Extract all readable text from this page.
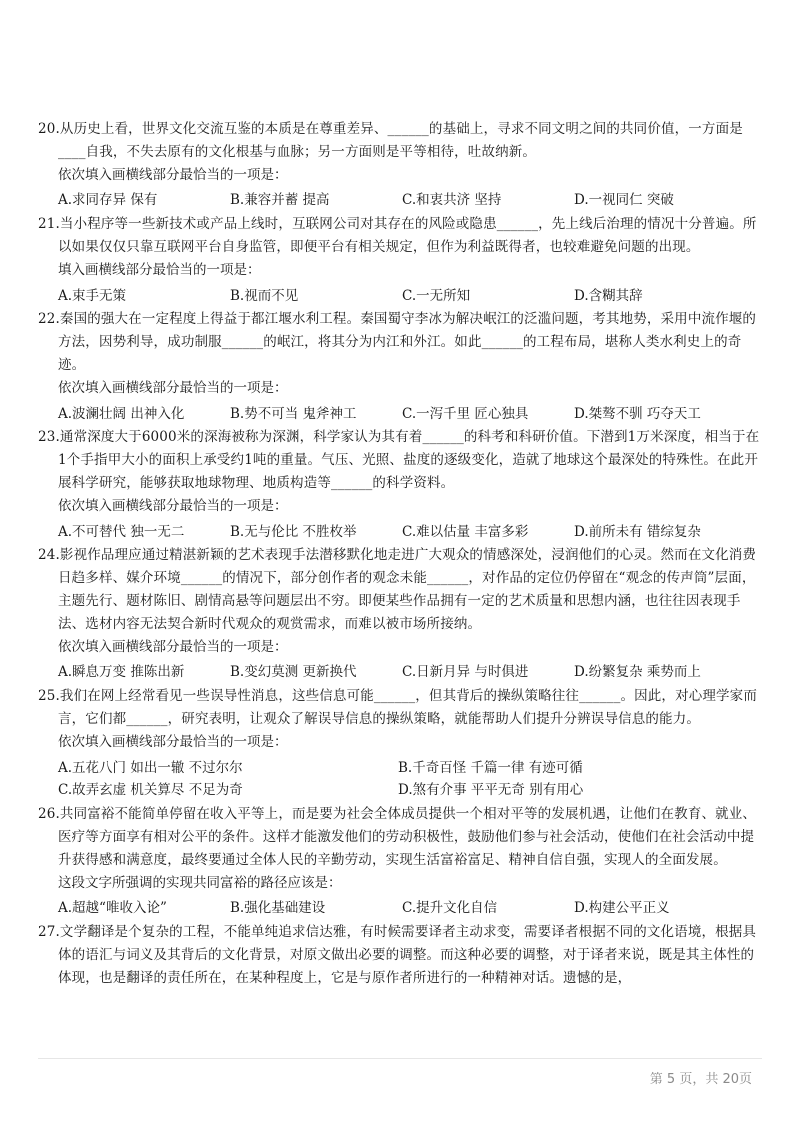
20.从历史上看，世界文化交流互鉴的本质是在尊重差异、______的基础上，寻求不同文明之间的共同价值，一方面是____自我，不失去原有的文化根基与血脉；另一方面则是平等相待，吐故纳新。
依次填入画横线部分最恰当的一项是：
A.求同存异 保有	B.兼容并蓄 提高	C.和衷共济 坚持	D.一视同仁 突破
21.当小程序等一些新技术或产品上线时，互联网公司对其存在的风险或隐患______，先上线后治理的情况十分普遍。所以如果仅仅只靠互联网平台自身监管，即便平台有相关规定，但作为利益既得者，也较难避免问题的出现。
填入画横线部分最恰当的一项是：
A.束手无策	B.视而不见	C.一无所知	D.含糊其辞
22.秦国的强大在一定程度上得益于都江堰水利工程。秦国蜀守李冰为解决岷江的泛滥问题，考其地势，采用中流作堰的方法，因势利导，成功制服______的岷江，将其分为内江和外江。如此______的工程布局，堪称人类水利史上的奇迹。
依次填入画横线部分最恰当的一项是：
A.波澜壮阔 出神入化	B.势不可当 鬼斧神工	C.一泻千里 匠心独具	D.桀骜不驯 巧夺天工
23.通常深度大于6000米的深海被称为深渊，科学家认为其有着______的科考和科研价值。下潜到1万米深度，相当于在1个手指甲大小的面积上承受约1吨的重量。气压、光照、盐度的逐级变化，造就了地球这个最深处的特殊性。在此开展科学研究，能够获取地球物理、地质构造等______的科学资料。
依次填入画横线部分最恰当的一项是：
A.不可替代 独一无二	B.无与伦比 不胜枚举	C.难以估量 丰富多彩	D.前所未有 错综复杂
24.影视作品理应通过精湛新颖的艺术表现手法潜移默化地走进广大观众的情感深处，浸润他们的心灵。然而在文化消费日趋多样、媒介环境______的情况下，部分创作者的观念未能______，对作品的定位仍停留在“观念的传声筒”层面，主题先行、题材陈旧、剧情高悬等问题层出不穷。即便某些作品拥有一定的艺术质量和思想内涵，也往往因表现手法、选材内容无法契合新时代观众的观赏需求，而难以被市场所接纳。
依次填入画横线部分最恰当的一项是：
A.瞬息万变 推陈出新	B.变幻莫测 更新换代	C.日新月异 与时俱进	D.纷繁复杂 乘势而上
25.我们在网上经常看见一些误导性消息，这些信息可能______，但其背后的操纵策略往往______。因此，对心理学家而言，它们都______，研究表明，让观众了解误导信息的操纵策略，就能帮助人们提升分辨误导信息的能力。
依次填入画横线部分最恰当的一项是：
A.五花八门 如出一辙 不过尔尔	B.千奇百怪 千篇一律 有迹可循
C.故弄玄虚 机关算尽 不足为奇	D.煞有介事 平平无奇 别有用心
26.共同富裕不能简单停留在收入平等上，而是要为社会全体成员提供一个相对平等的发展机遇，让他们在教育、就业、医疗等方面享有相对公平的条件。这样才能激发他们的劳动积极性，鼓励他们参与社会活动，使他们在社会活动中提升获得感和满意度，最终要通过全体人民的辛勤劳动，实现生活富裕富足、精神自信自强，实现人的全面发展。
这段文字所强调的实现共同富裕的路径应该是：
A.超越“唯收入论”	B.强化基础建设	C.提升文化自信	D.构建公平正义
27.文学翻译是个复杂的工程，不能单纯追求信达雅，有时候需要译者主动求变，需要译者根据不同的文化语境，根据具体的语汇与词义及其背后的文化背景，对原文做出必要的调整。而这种必要的调整，对于译者来说，既是其主体性的体现，也是翻译的责任所在，在某种程度上，它是与原作者所进行的一种精神对话。遗憾的是，
第 5 页，共 20页
